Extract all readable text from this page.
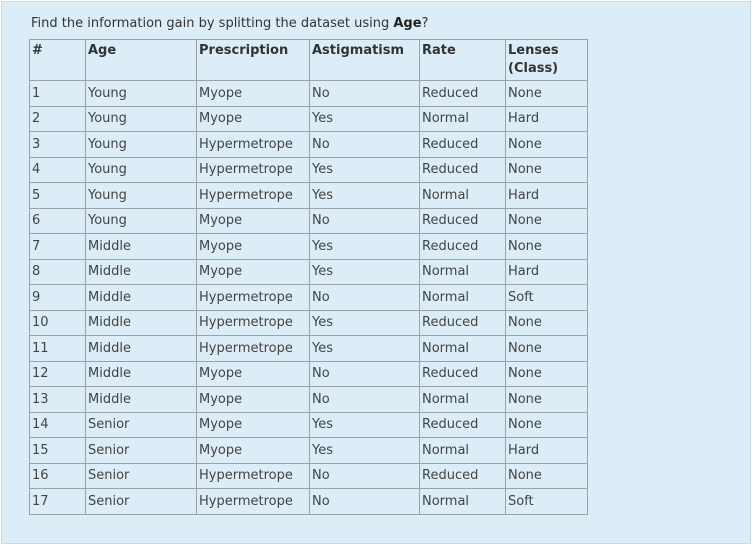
Find the information gain by splitting the dataset using Age?
#	Age	Prescription	Astigmatism	Rate	Lenses
(Class)
1	Young	Myope	No	Reduced	None
2	Young	Myope	Yes	Normal	Hard
3	Young	Hypermetrope	No	Reduced	None
4	Young	Hypermetrope	Yes	Reduced	None
5	Young	Hypermetrope	Yes	Normal	Hard
6	Young	Myope	No	Reduced	None
7	Middle	Myope	Yes	Reduced	None
8	Middle	Myope	Yes	Normal	Hard
9	Middle	Hypermetrope	No	Normal	Soft
10	Middle	Hypermetrope	Yes	Reduced	None
11	Middle	Hypermetrope	Yes	Normal	None
12	Middle	Myope	No	Reduced	None
13	Middle	Myope	No	Normal	None
14	Senior	Myope	Yes	Reduced	None
15	Senior	Myope	Yes	Normal	Hard
16	Senior	Hypermetrope	No	Reduced	None
17	Senior	Hypermetrope	No	Normal	Soft
